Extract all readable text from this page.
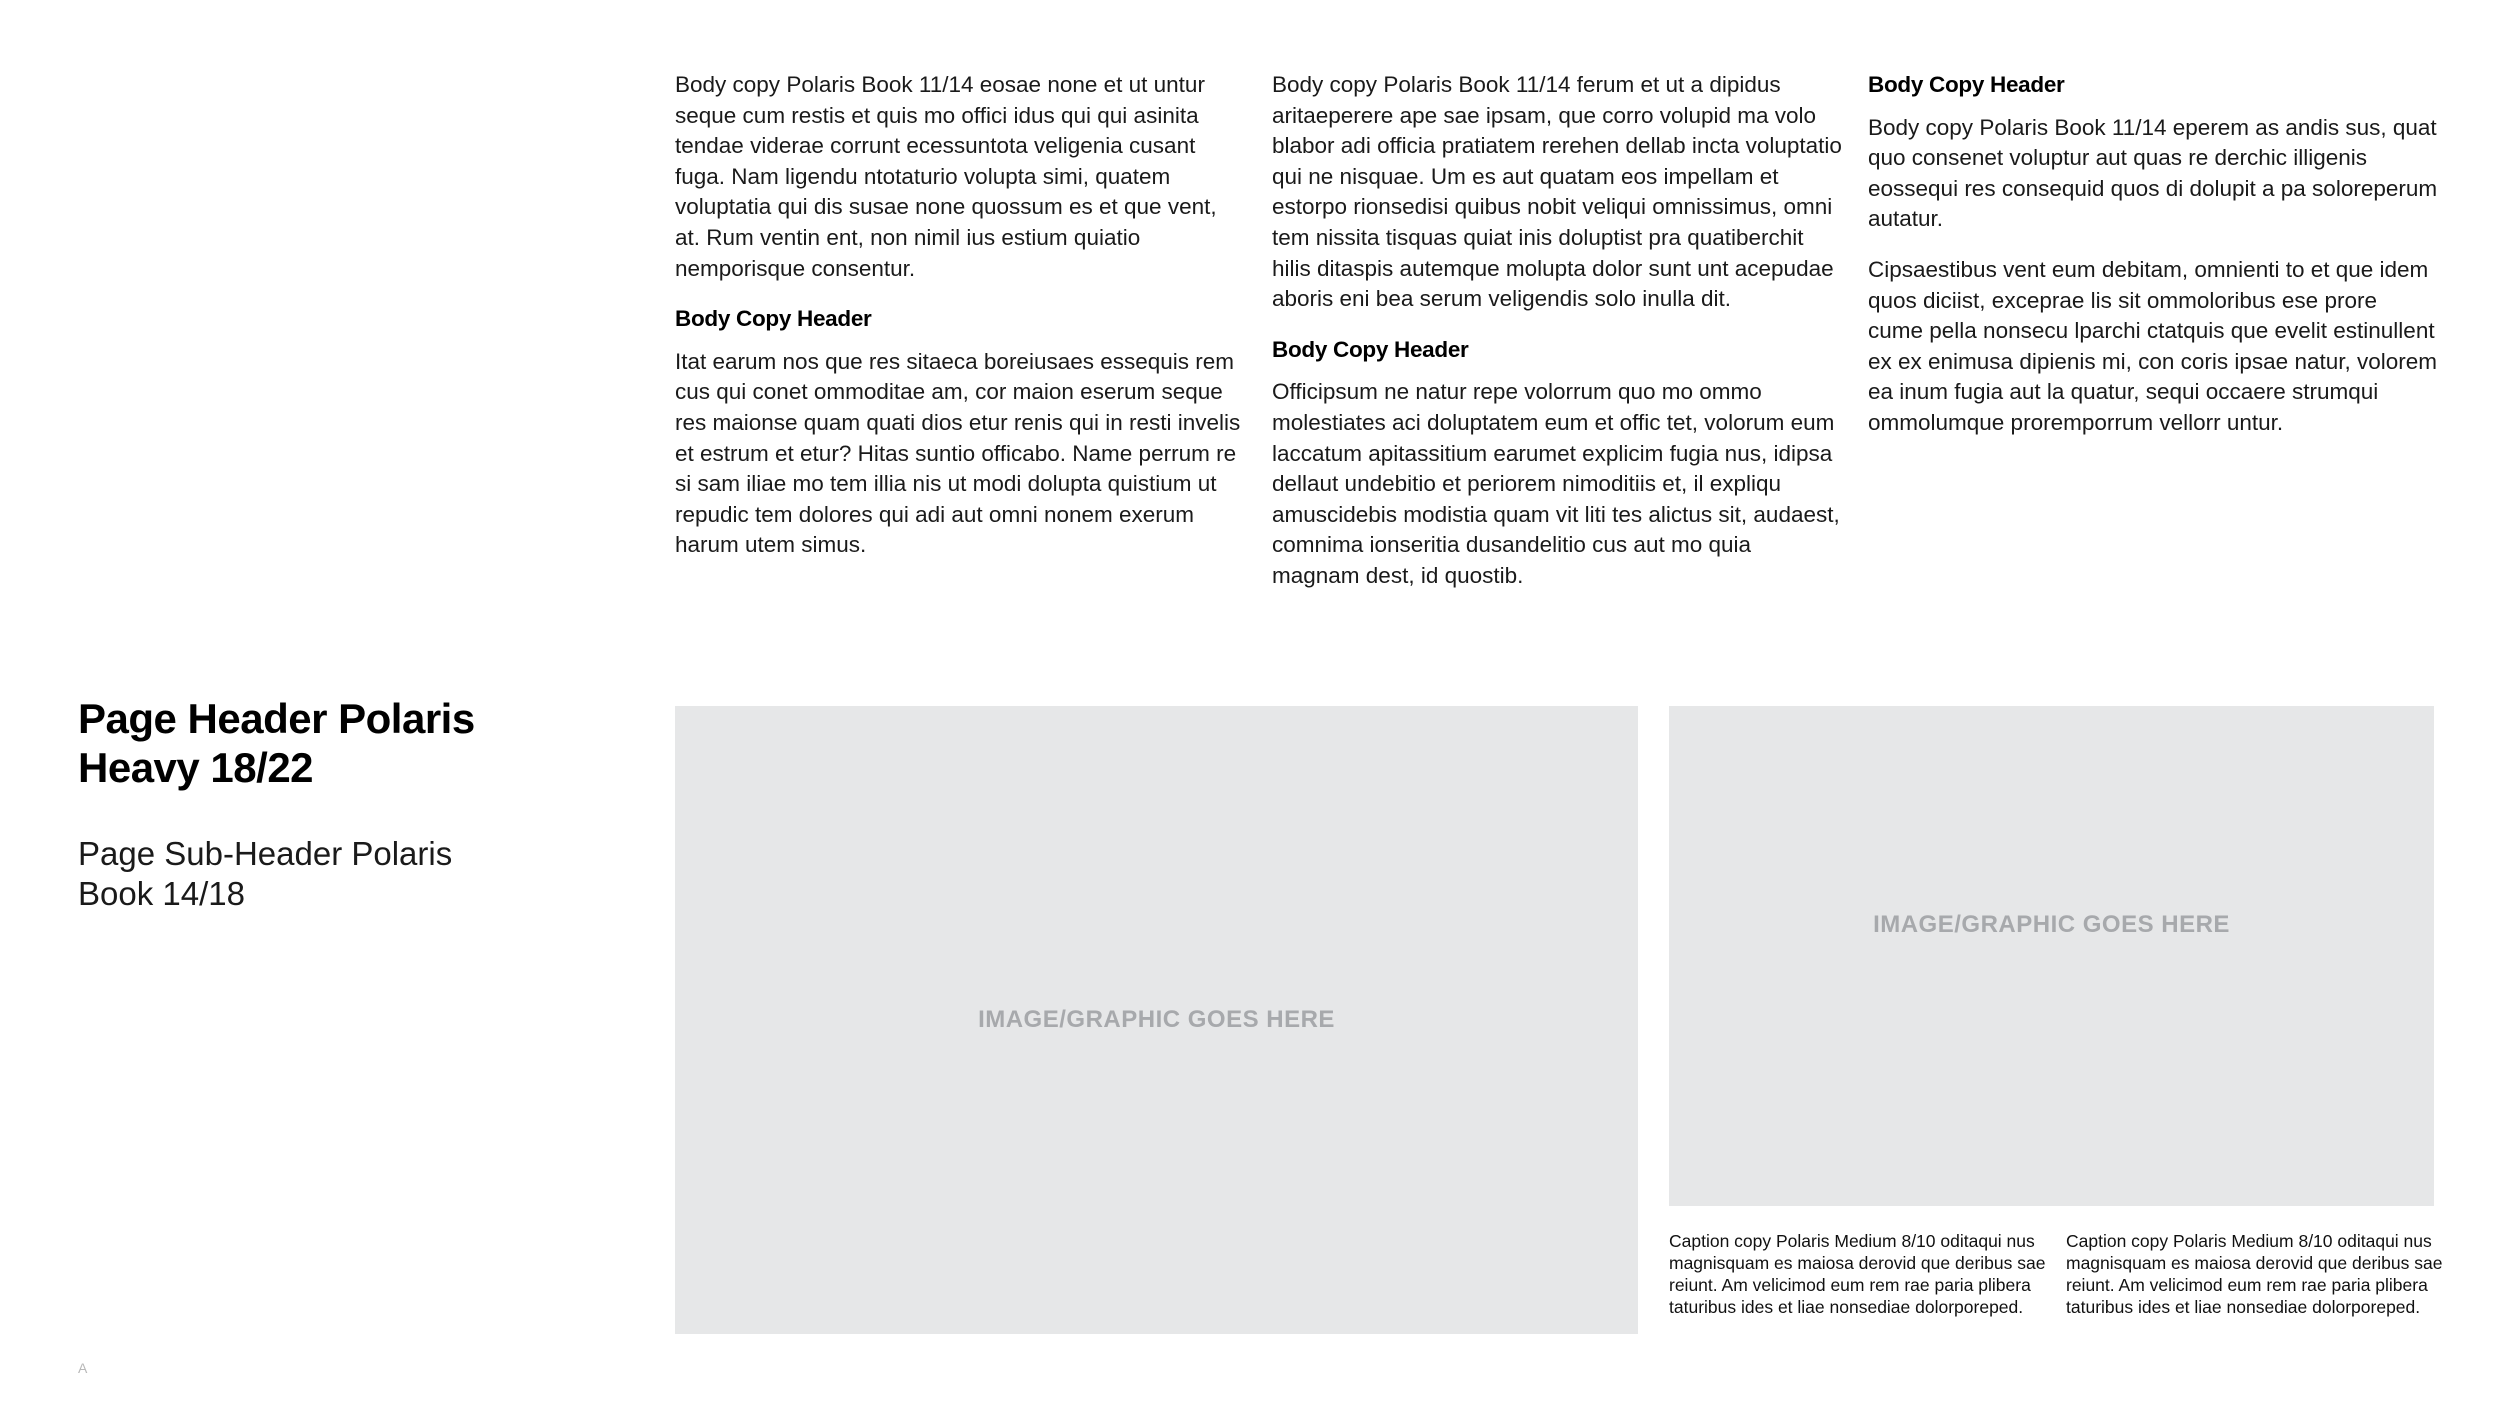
Body copy Polaris Book 11/14 eosae none et ut untur seque cum restis et quis mo offici idus qui qui asinita tendae viderae corrunt ecessuntota veligenia cusant fuga. Nam ligendu ntotaturio volupta simi, quatem voluptatia qui dis susae none quossum es et que vent, at. Rum ventin ent, non nimil ius estium quiatio nemporisque consentur.

Body Copy Header

Itat earum nos que res sitaeca boreiusaes essequis rem cus qui conet ommoditae am, cor maion eserum seque res maionse quam quati dios etur renis qui in resti invelis et estrum et etur? Hitas suntio officabo. Name perrum re si sam iliae mo tem illia nis ut modi dolupta quistium ut repudic tem dolores qui adi aut omni nonem exerum harum utem simus.

Body copy Polaris Book 11/14 ferum et ut a dipidus aritaeperere ape sae ipsam, que corro volupid ma volo blabor adi officia pratiatem rerehen dellab incta voluptatio qui ne nisquae. Um es aut quatam eos impellam et estorpo rionsedisi quibus nobit veliqui omnissimus, omni tem nissita tisquas quiat inis doluptist pra quatiberchit hilis ditaspis autemque molupta dolor sunt unt acepudae aboris eni bea serum veligendis solo inulla dit.

Body Copy Header

Officipsum ne natur repe volorrum quo mo ommo molestiates aci doluptatem eum et offic tet, volorum eum laccatum apitassitium earumet explicim fugia nus, idipsa dellaut undebitio et periorem nimoditiis et, il expliqu amuscidebis modistia quam vit liti tes alictus sit, audaest, comnima ionseritia dusandelitio cus aut mo quia magnam dest, id quostib.

Body Copy Header

Body copy Polaris Book 11/14 eperem as andis sus, quat quo consenet voluptur aut quas re derchic illigenis eossequi res consequid quos di dolupit a pa soloreperum autatur.

Cipsaestibus vent eum debitam, omnienti to et que idem quos diciist, exceprae lis sit ommoloribus ese prore cume pella nonsecu lparchi ctatquis que evelit estinullent ex ex enimusa dipienis mi, con coris ipsae natur, volorem ea inum fugia aut la quatur, sequi occaere strumqui ommolumque proremporrum vellorr untur.

Page Header Polaris Heavy 18/22
Page Sub-Header Polaris Book 14/18
IMAGE/GRAPHIC GOES HERE
IMAGE/GRAPHIC GOES HERE
Caption copy Polaris Medium 8/10 oditaqui nus magnisquam es maiosa derovid que deribus sae reiunt. Am velicimod eum rem rae paria plibera taturibus ides et liae nonsediae dolorporeped.
Caption copy Polaris Medium 8/10 oditaqui nus magnisquam es maiosa derovid que deribus sae reiunt. Am velicimod eum rem rae paria plibera taturibus ides et liae nonsediae dolorporeped.
A
